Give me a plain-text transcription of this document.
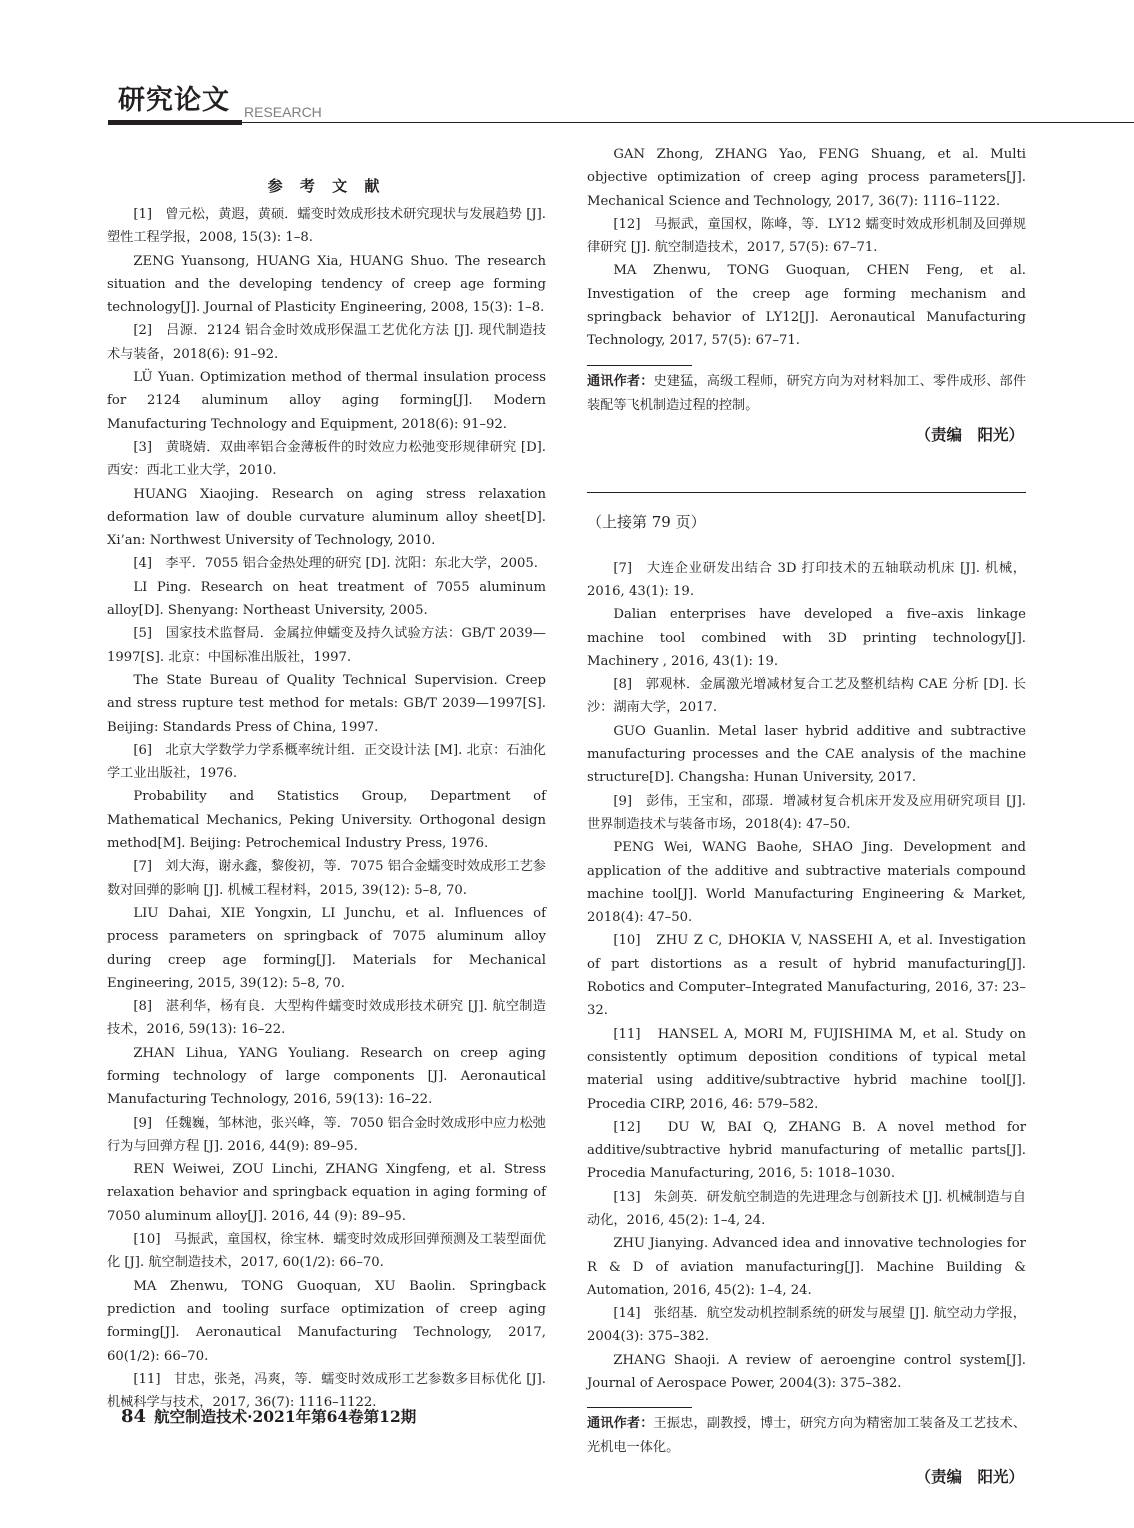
研究论文 RESEARCH
参 考 文 献

[1]　曾元松，黄遐，黄硕．蠕变时效成形技术研究现状与发展趋势 [J]. 塑性工程学报，2008, 15(3): 1–8.

ZENG Yuansong, HUANG Xia, HUANG Shuo. The research situation and the developing tendency of creep age forming technology[J]. Journal of Plasticity Engineering, 2008, 15(3): 1–8.

[2]　吕源．2124 铝合金时效成形保温工艺优化方法 [J]. 现代制造技术与装备，2018(6): 91–92.

LÜ Yuan. Optimization method of thermal insulation process for 2124 aluminum alloy aging forming[J]. Modern Manufacturing Technology and Equipment, 2018(6): 91–92.

[3]　黄晓婧．双曲率铝合金薄板件的时效应力松弛变形规律研究 [D]. 西安：西北工业大学，2010.

HUANG Xiaojing. Research on aging stress relaxation deformation law of double curvature aluminum alloy sheet[D]. Xi’an: Northwest University of Technology, 2010.

[4]　李平．7055 铝合金热处理的研究 [D]. 沈阳：东北大学，2005.

LI Ping. Research on heat treatment of 7055 aluminum alloy[D]. Shenyang: Northeast University, 2005.

[5]　国家技术监督局．金属拉伸蠕变及持久试验方法：GB/T 2039—1997[S]. 北京：中国标准出版社，1997.

The State Bureau of Quality Technical Supervision. Creep and stress rupture test method for metals: GB/T 2039—1997[S]. Beijing: Standards Press of China, 1997.

[6]　北京大学数学力学系概率统计组．正交设计法 [M]. 北京：石油化学工业出版社，1976.

Probability and Statistics Group, Department of Mathematical Mechanics, Peking University. Orthogonal design method[M]. Beijing: Petrochemical Industry Press, 1976.

[7]　刘大海，谢永鑫，黎俊初，等．7075 铝合金蠕变时效成形工艺参数对回弹的影响 [J]. 机械工程材料，2015, 39(12): 5–8, 70.

LIU Dahai, XIE Yongxin, LI Junchu, et al. Influences of process parameters on springback of 7075 aluminum alloy during creep age forming[J]. Materials for Mechanical Engineering, 2015, 39(12): 5–8, 70.

[8]　湛利华，杨有良．大型构件蠕变时效成形技术研究 [J]. 航空制造技术，2016, 59(13): 16–22.

ZHAN Lihua, YANG Youliang. Research on creep aging forming technology of large components [J]. Aeronautical Manufacturing Technology, 2016, 59(13): 16–22.

[9]　任魏巍，邹林池，张兴峰，等．7050 铝合金时效成形中应力松弛行为与回弹方程 [J]. 2016, 44(9): 89–95.

REN Weiwei, ZOU Linchi, ZHANG Xingfeng, et al. Stress relaxation behavior and springback equation in aging forming of 7050 aluminum alloy[J]. 2016, 44 (9): 89–95.

[10]　马振武，童国权，徐宝林．蠕变时效成形回弹预测及工装型面优化 [J]. 航空制造技术，2017, 60(1/2): 66–70.

MA Zhenwu, TONG Guoquan, XU Baolin. Springback prediction and tooling surface optimization of creep aging forming[J]. Aeronautical Manufacturing Technology, 2017, 60(1/2): 66–70.

[11]　甘忠，张尧，冯爽，等．蠕变时效成形工艺参数多目标优化 [J]. 机械科学与技术，2017, 36(7): 1116–1122.

GAN Zhong, ZHANG Yao, FENG Shuang, et al. Multi objective optimization of creep aging process parameters[J]. Mechanical Science and Technology, 2017, 36(7): 1116–1122.

[12]　马振武，童国权，陈峰，等．LY12 蠕变时效成形机制及回弹规律研究 [J]. 航空制造技术，2017, 57(5): 67–71.

MA Zhenwu, TONG Guoquan, CHEN Feng, et al. Investigation of the creep age forming mechanism and springback behavior of LY12[J]. Aeronautical Manufacturing Technology, 2017, 57(5): 67–71.

通讯作者：史建猛，高级工程师，研究方向为对材料加工、零件成形、部件装配等飞机制造过程的控制。

（责编　阳光）
（上接第 79 页）

[7]　大连企业研发出结合 3D 打印技术的五轴联动机床 [J]. 机械，2016, 43(1): 19.

Dalian enterprises have developed a five–axis linkage machine tool combined with 3D printing technology[J]. Machinery , 2016, 43(1): 19.

[8]　郭观林．金属激光增减材复合工艺及整机结构 CAE 分析 [D]. 长沙：湖南大学，2017.

GUO Guanlin. Metal laser hybrid additive and subtractive manufacturing processes and the CAE analysis of the machine structure[D]. Changsha: Hunan University, 2017.

[9]　彭伟，王宝和，邵璟．增减材复合机床开发及应用研究项目 [J]. 世界制造技术与装备市场，2018(4): 47–50.

PENG Wei, WANG Baohe, SHAO Jing. Development and application of the additive and subtractive materials compound machine tool[J]. World Manufacturing Engineering & Market, 2018(4): 47–50.

[10]　ZHU Z C, DHOKIA V, NASSEHI A, et al. Investigation of part distortions as a result of hybrid manufacturing[J]. Robotics and Computer–Integrated Manufacturing, 2016, 37: 23–32.

[11]　HANSEL A, MORI M, FUJISHIMA M, et al. Study on consistently optimum deposition conditions of typical metal material using additive/subtractive hybrid machine tool[J]. Procedia CIRP, 2016, 46: 579–582.

[12]　DU W, BAI Q, ZHANG B. A novel method for additive/subtractive hybrid manufacturing of metallic parts[J]. Procedia Manufacturing, 2016, 5: 1018–1030.

[13]　朱剑英．研发航空制造的先进理念与创新技术 [J]. 机械制造与自动化，2016, 45(2): 1–4, 24.

ZHU Jianying. Advanced idea and innovative technologies for R & D of aviation manufacturing[J]. Machine Building & Automation, 2016, 45(2): 1–4, 24.

[14]　张绍基．航空发动机控制系统的研发与展望 [J]. 航空动力学报，2004(3): 375–382.

ZHANG Shaoji. A review of aeroengine control system[J]. Journal of Aerospace Power, 2004(3): 375–382.

通讯作者：王振忠，副教授，博士，研究方向为精密加工装备及工艺技术、光机电一体化。

（责编　阳光）
84 航空制造技术·2021年第64卷第12期
